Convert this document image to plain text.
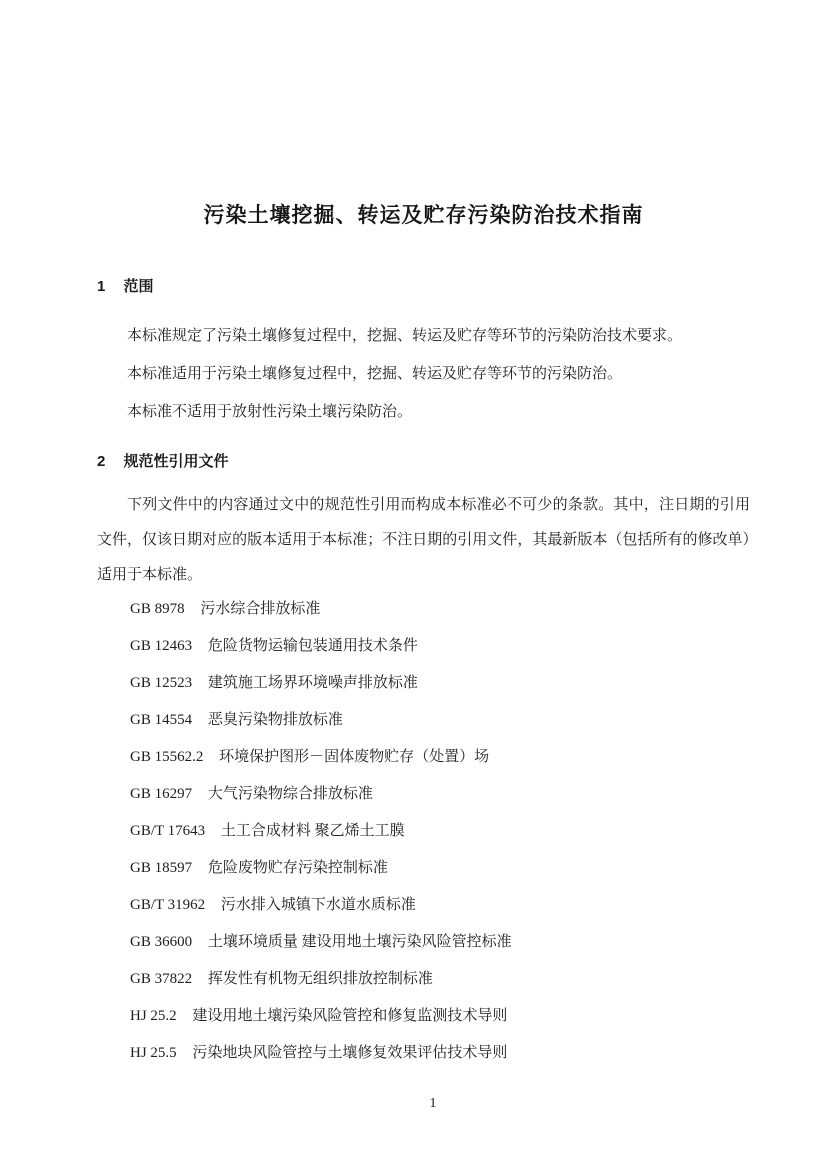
污染土壤挖掘、转运及贮存污染防治技术指南
1 范围

本标准规定了污染土壤修复过程中，挖掘、转运及贮存等环节的污染防治技术要求。

本标准适用于污染土壤修复过程中，挖掘、转运及贮存等环节的污染防治。

本标准不适用于放射性污染土壤污染防治。

2 规范性引用文件

下列文件中的内容通过文中的规范性引用而构成本标准必不可少的条款。其中，注日期的引用文件，仅该日期对应的版本适用于本标准；不注日期的引用文件，其最新版本（包括所有的修改单）适用于本标准。

GB 8978 污水综合排放标准
GB 12463 危险货物运输包装通用技术条件
GB 12523 建筑施工场界环境噪声排放标准
GB 14554 恶臭污染物排放标准
GB 15562.2 环境保护图形－固体废物贮存（处置）场
GB 16297 大气污染物综合排放标准
GB/T 17643 土工合成材料 聚乙烯土工膜
GB 18597 危险废物贮存污染控制标准
GB/T 31962 污水排入城镇下水道水质标准
GB 36600 土壤环境质量 建设用地土壤污染风险管控标准
GB 37822 挥发性有机物无组织排放控制标准
HJ 25.2 建设用地土壤污染风险管控和修复监测技术导则
HJ 25.5 污染地块风险管控与土壤修复效果评估技术导则
1
